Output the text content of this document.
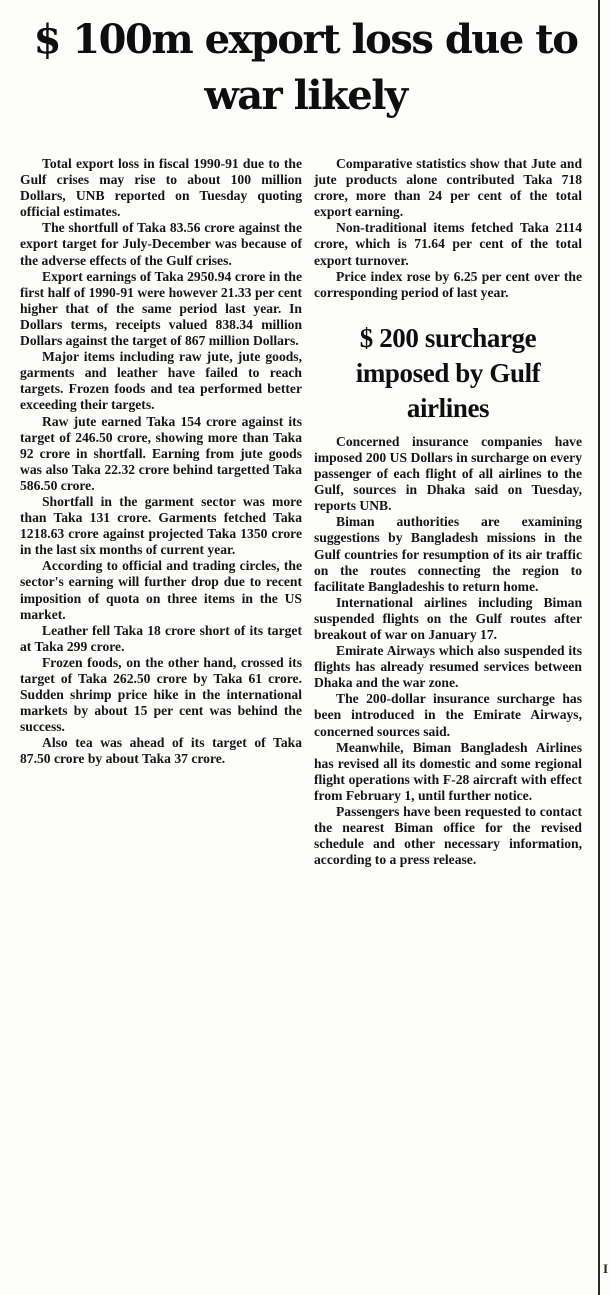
$ 100m export loss due to war likely

Total export loss in fiscal 1990-91 due to the Gulf crises may rise to about 100 million Dollars, UNB reported on Tuesday quoting official estimates.

The shortfull of Taka 83.56 crore against the export target for July-December was because of the adverse effects of the Gulf crises.

Export earnings of Taka 2950.94 crore in the first half of 1990-91 were however 21.33 per cent higher that of the same period last year. In Dollars terms, receipts valued 838.34 million Dollars against the target of 867 million Dollars.

Major items including raw jute, jute goods, garments and leather have failed to reach targets. Frozen foods and tea performed better exceeding their targets.

Raw jute earned Taka 154 crore against its target of 246.50 crore, showing more than Taka 92 crore in shortfall. Earning from jute goods was also Taka 22.32 crore behind targetted Taka 586.50 crore.

Shortfall in the garment sector was more than Taka 131 crore. Garments fetched Taka 1218.63 crore against projected Taka 1350 crore in the last six months of current year.

According to official and trading circles, the sector's earning will further drop due to recent imposition of quota on three items in the US market.

Leather fell Taka 18 crore short of its target at Taka 299 crore.

Frozen foods, on the other hand, crossed its target of Taka 262.50 crore by Taka 61 crore. Sudden shrimp price hike in the international markets by about 15 per cent was behind the success.

Also tea was ahead of its target of Taka 87.50 crore by about Taka 37 crore.

Comparative statistics show that Jute and jute products alone contributed Taka 718 crore, more than 24 per cent of the total export earning.

Non-traditional items fetched Taka 2114 crore, which is 71.64 per cent of the total export turnover.

Price index rose by 6.25 per cent over the corresponding period of last year.

$ 200 surcharge imposed by Gulf airlines

Concerned insurance companies have imposed 200 US Dollars in surcharge on every passenger of each flight of all airlines to the Gulf, sources in Dhaka said on Tuesday, reports UNB.

Biman authorities are examining suggestions by Bangladesh missions in the Gulf countries for resumption of its air traffic on the routes connecting the region to facilitate Bangladeshis to return home.

International airlines including Biman suspended flights on the Gulf routes after breakout of war on January 17.

Emirate Airways which also suspended its flights has already resumed services between Dhaka and the war zone.

The 200-dollar insurance surcharge has been introduced in the Emirate Airways, concerned sources said.

Meanwhile, Biman Bangladesh Airlines has revised all its domestic and some regional flight operations with F-28 aircraft with effect from February 1, until further notice.

Passengers have been requested to contact the nearest Biman office for the revised schedule and other necessary information, according to a press release.

I
